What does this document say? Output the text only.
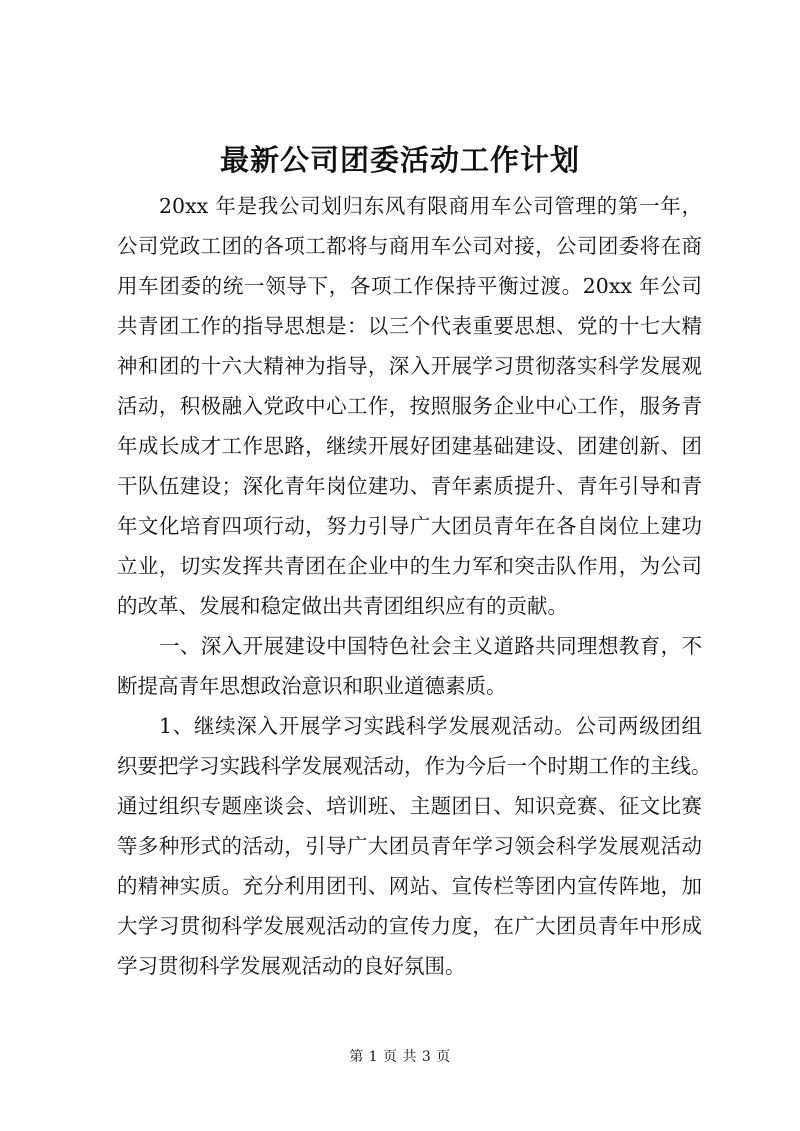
最新公司团委活动工作计划
20xx 年是我公司划归东风有限商用车公司管理的第一年，
公司党政工团的各项工都将与商用车公司对接，公司团委将在商
用车团委的统一领导下，各项工作保持平衡过渡。20xx 年公司
共青团工作的指导思想是：以三个代表重要思想、党的十七大精
神和团的十六大精神为指导，深入开展学习贯彻落实科学发展观
活动，积极融入党政中心工作，按照服务企业中心工作，服务青
年成长成才工作思路，继续开展好团建基础建设、团建创新、团
干队伍建设；深化青年岗位建功、青年素质提升、青年引导和青
年文化培育四项行动，努力引导广大团员青年在各自岗位上建功
立业，切实发挥共青团在企业中的生力军和突击队作用，为公司
的改革、发展和稳定做出共青团组织应有的贡献。
一、深入开展建设中国特色社会主义道路共同理想教育，不
断提高青年思想政治意识和职业道德素质。
1、继续深入开展学习实践科学发展观活动。公司两级团组
织要把学习实践科学发展观活动，作为今后一个时期工作的主线。
通过组织专题座谈会、培训班、主题团日、知识竞赛、征文比赛
等多种形式的活动，引导广大团员青年学习领会科学发展观活动
的精神实质。充分利用团刊、网站、宣传栏等团内宣传阵地，加
大学习贯彻科学发展观活动的宣传力度，在广大团员青年中形成
学习贯彻科学发展观活动的良好氛围。
第 1 页 共 3 页
